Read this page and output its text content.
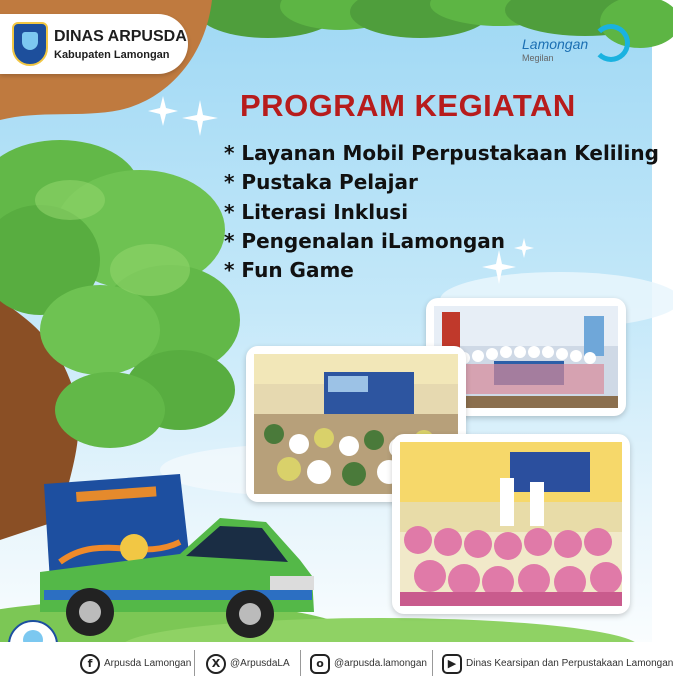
DINAS ARPUSDA
Kabupaten Lamongan
Lamongan
Megilan
PROGRAM KEGIATAN
* Layanan Mobil Perpustakaan Keliling
* Pustaka Pelajar
* Literasi Inklusi
* Pengenalan iLamongan
* Fun Game
f	Arpusda Lamongan	X @ArpusdaLA	o	@arpusda.lamongan	▶ Dinas Kearsipan dan Perpustakaan Lamongan
